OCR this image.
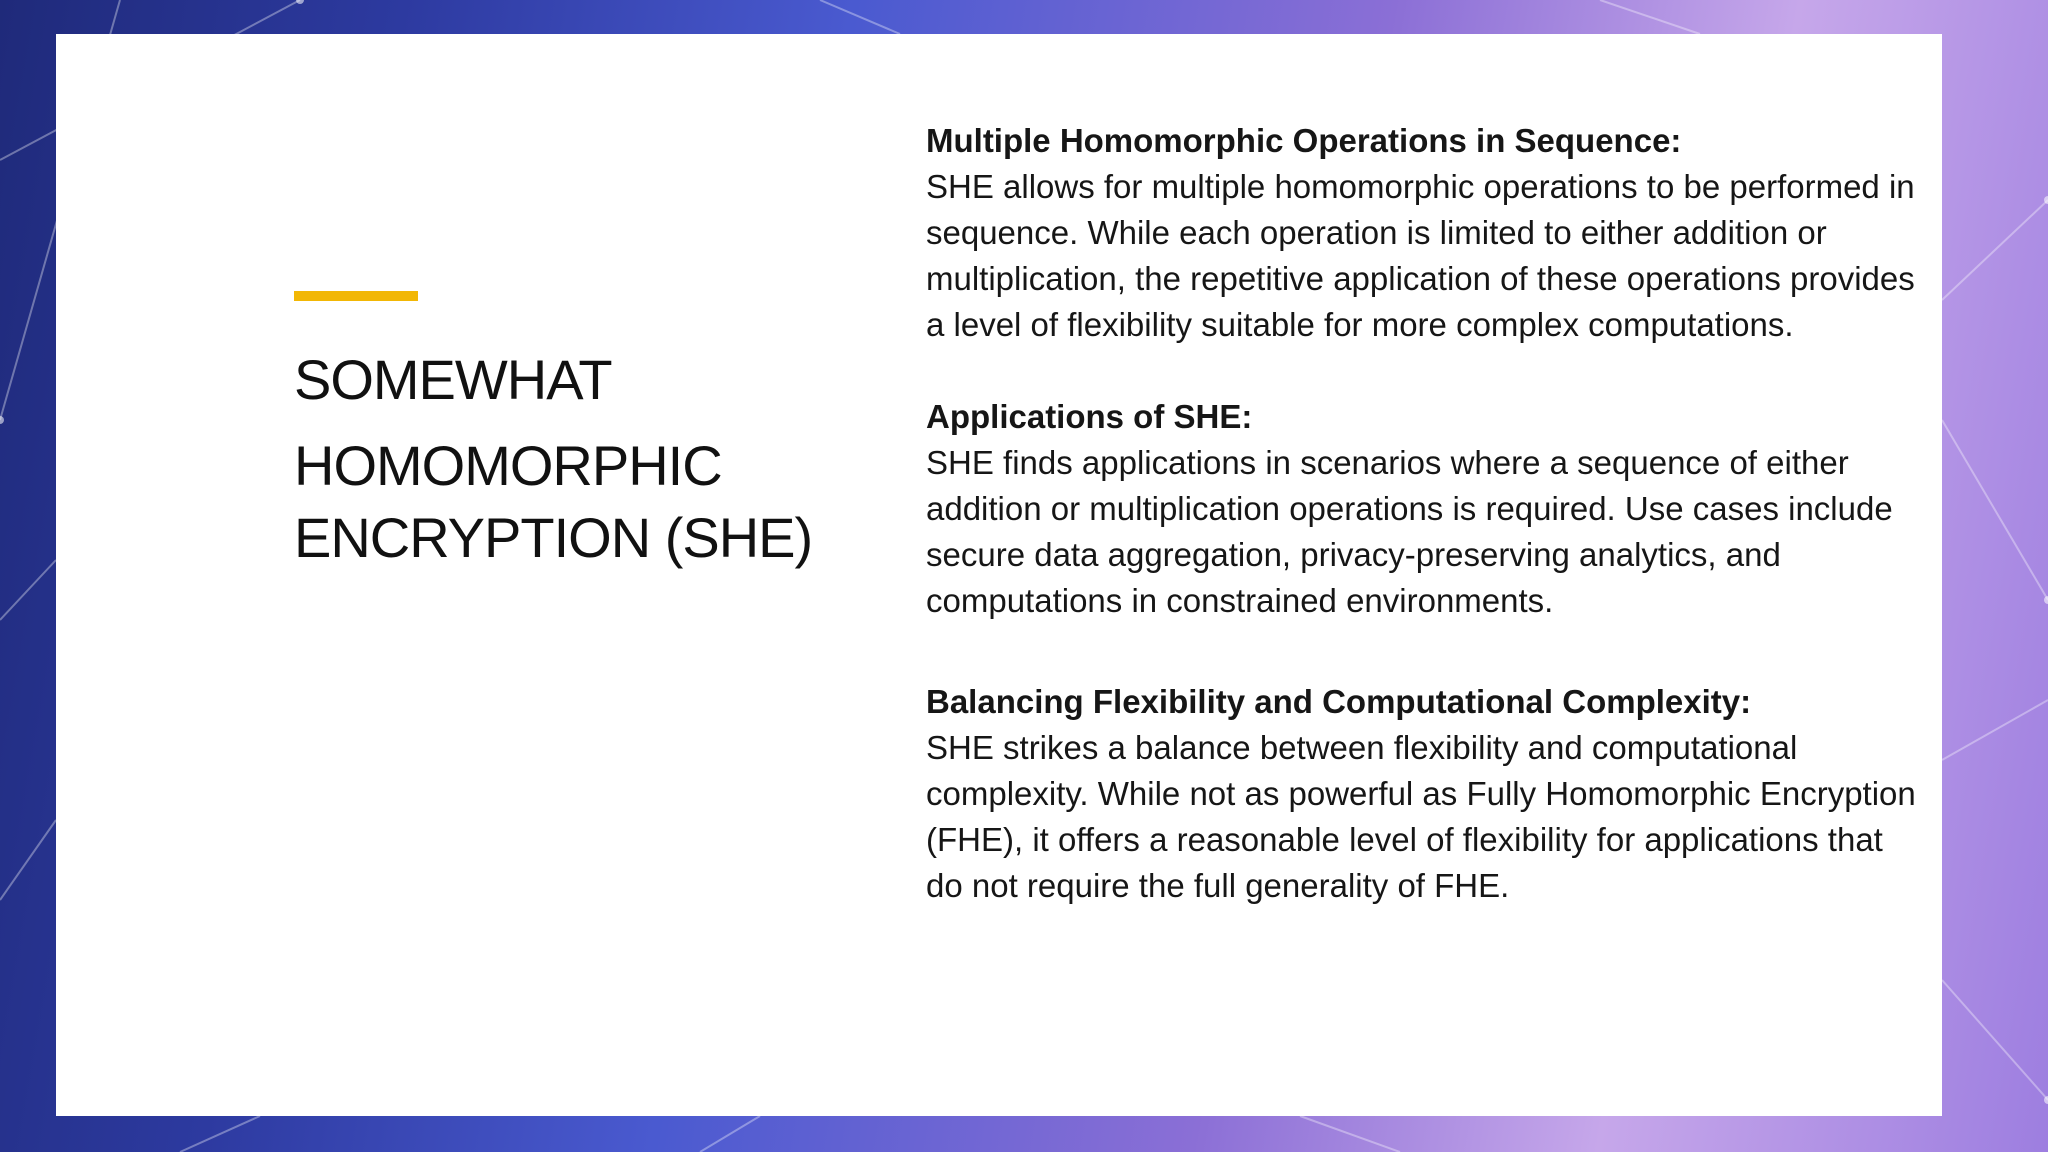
SOMEWHAT
HOMOMORPHIC
ENCRYPTION (SHE)

Multiple Homomorphic Operations in Sequence:
SHE allows for multiple homomorphic operations to be performed in sequence. While each operation is limited to either addition or multiplication, the repetitive application of these operations provides a level of flexibility suitable for more complex computations.

Applications of SHE:
SHE finds applications in scenarios where a sequence of either addition or multiplication operations is required. Use cases include secure data aggregation, privacy-preserving analytics, and computations in constrained environments.

Balancing Flexibility and Computational Complexity:
SHE strikes a balance between flexibility and computational complexity. While not as powerful as Fully Homomorphic Encryption (FHE), it offers a reasonable level of flexibility for applications that do not require the full generality of FHE.
